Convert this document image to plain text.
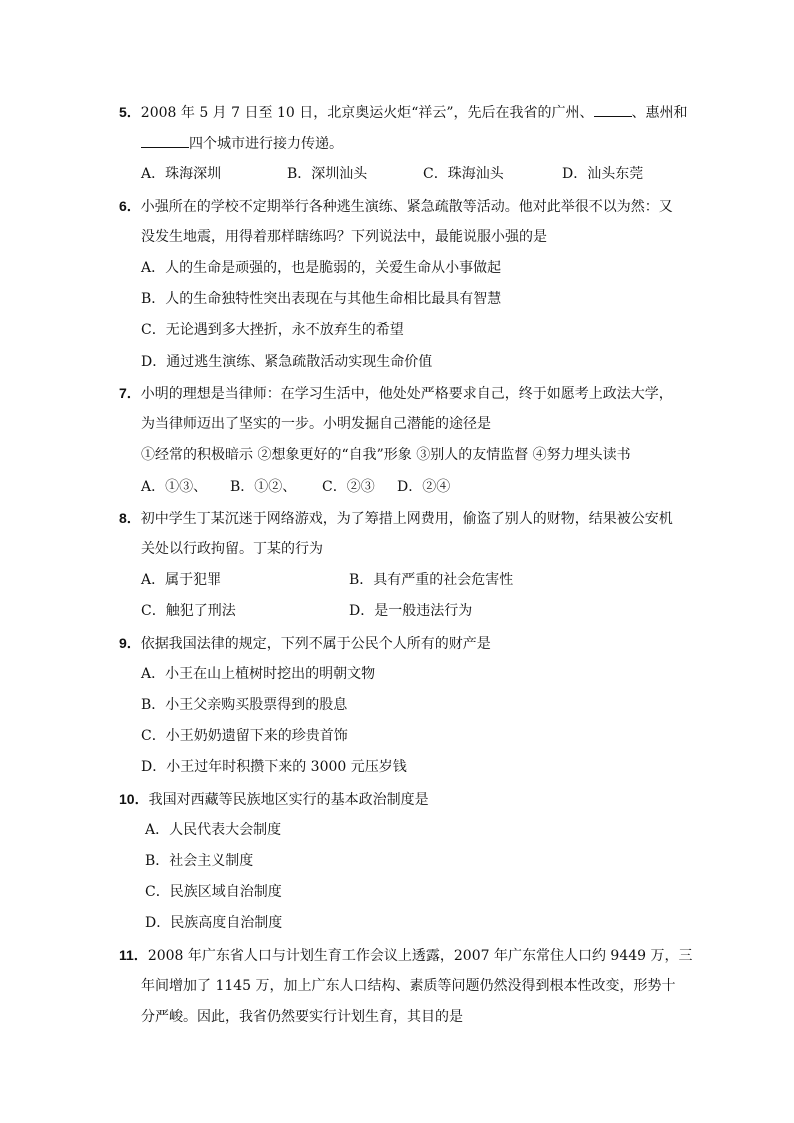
5．2008 年 5 月 7 日至 10 日，北京奥运火炬“祥云”，先后在我省的广州、	、惠州和
四个城市进行接力传递。
A．珠海深圳	B．深圳汕头	C．珠海汕头	D．汕头东莞
6．小强所在的学校不定期举行各种逃生演练、紧急疏散等活动。他对此举很不以为然：又
没发生地震，用得着那样瞎练吗？下列说法中，最能说服小强的是
A．人的生命是顽强的，也是脆弱的，关爱生命从小事做起
B．人的生命独特性突出表现在与其他生命相比最具有智慧
C．无论遇到多大挫折，永不放弃生的希望
D．通过逃生演练、紧急疏散活动实现生命价值
7．小明的理想是当律师：在学习生活中，他处处严格要求自己，终于如愿考上政法大学，
为当律师迈出了坚实的一步。小明发掘自己潜能的途径是
①经常的积极暗示 ②想象更好的“自我”形象 ③别人的友情监督 ④努力埋头读书
A．①③、 B．①②、 C．②③ D．②④
8．初中学生丁某沉迷于网络游戏，为了筹措上网费用，偷盗了别人的财物，结果被公安机
关处以行政拘留。丁某的行为
A．属于犯罪	B．具有严重的社会危害性
C．触犯了刑法	D．是一般违法行为
9．依据我国法律的规定，下列不属于公民个人所有的财产是
A．小王在山上植树时挖出的明朝文物
B．小王父亲购买股票得到的股息
C．小王奶奶遗留下来的珍贵首饰
D．小王过年时积攒下来的 3000 元压岁钱
10．我国对西藏等民族地区实行的基本政治制度是
A．人民代表大会制度
B．社会主义制度
C．民族区域自治制度
D．民族高度自治制度
11．2008 年广东省人口与计划生育工作会议上透露，2007 年广东常住人口约 9449 万，三
年间增加了 1145 万，加上广东人口结构、素质等问题仍然没得到根本性改变，形势十
分严峻。因此，我省仍然要实行计划生育，其目的是
